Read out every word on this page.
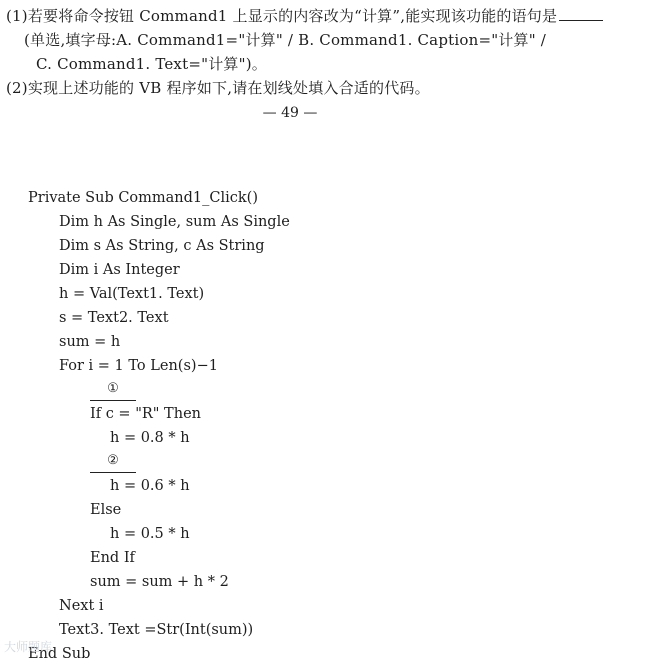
(1)若要将命令按钮 Command1 上显示的内容改为“计算”,能实现该功能的语句是
(单选,填字母:A. Command1="计算" / B. Command1. Caption="计算" /
C. Command1. Text="计算")。
(2)实现上述功能的 VB 程序如下,请在划线处填入合适的代码。
— 49 —
Private Sub Command1_Click()
Dim h As Single, sum As Single
Dim s As String, c As String
Dim i As Integer
h = Val(Text1. Text)
s = Text2. Text
sum = h
For i = 1 To Len(s)−1
①
If c = "R" Then
h = 0.8 * h
②
h = 0.6 * h
Else
h = 0.5 * h
End If
sum = sum + h * 2
Next i
Text3. Text =Str(Int(sum))
End Sub
大师题库
